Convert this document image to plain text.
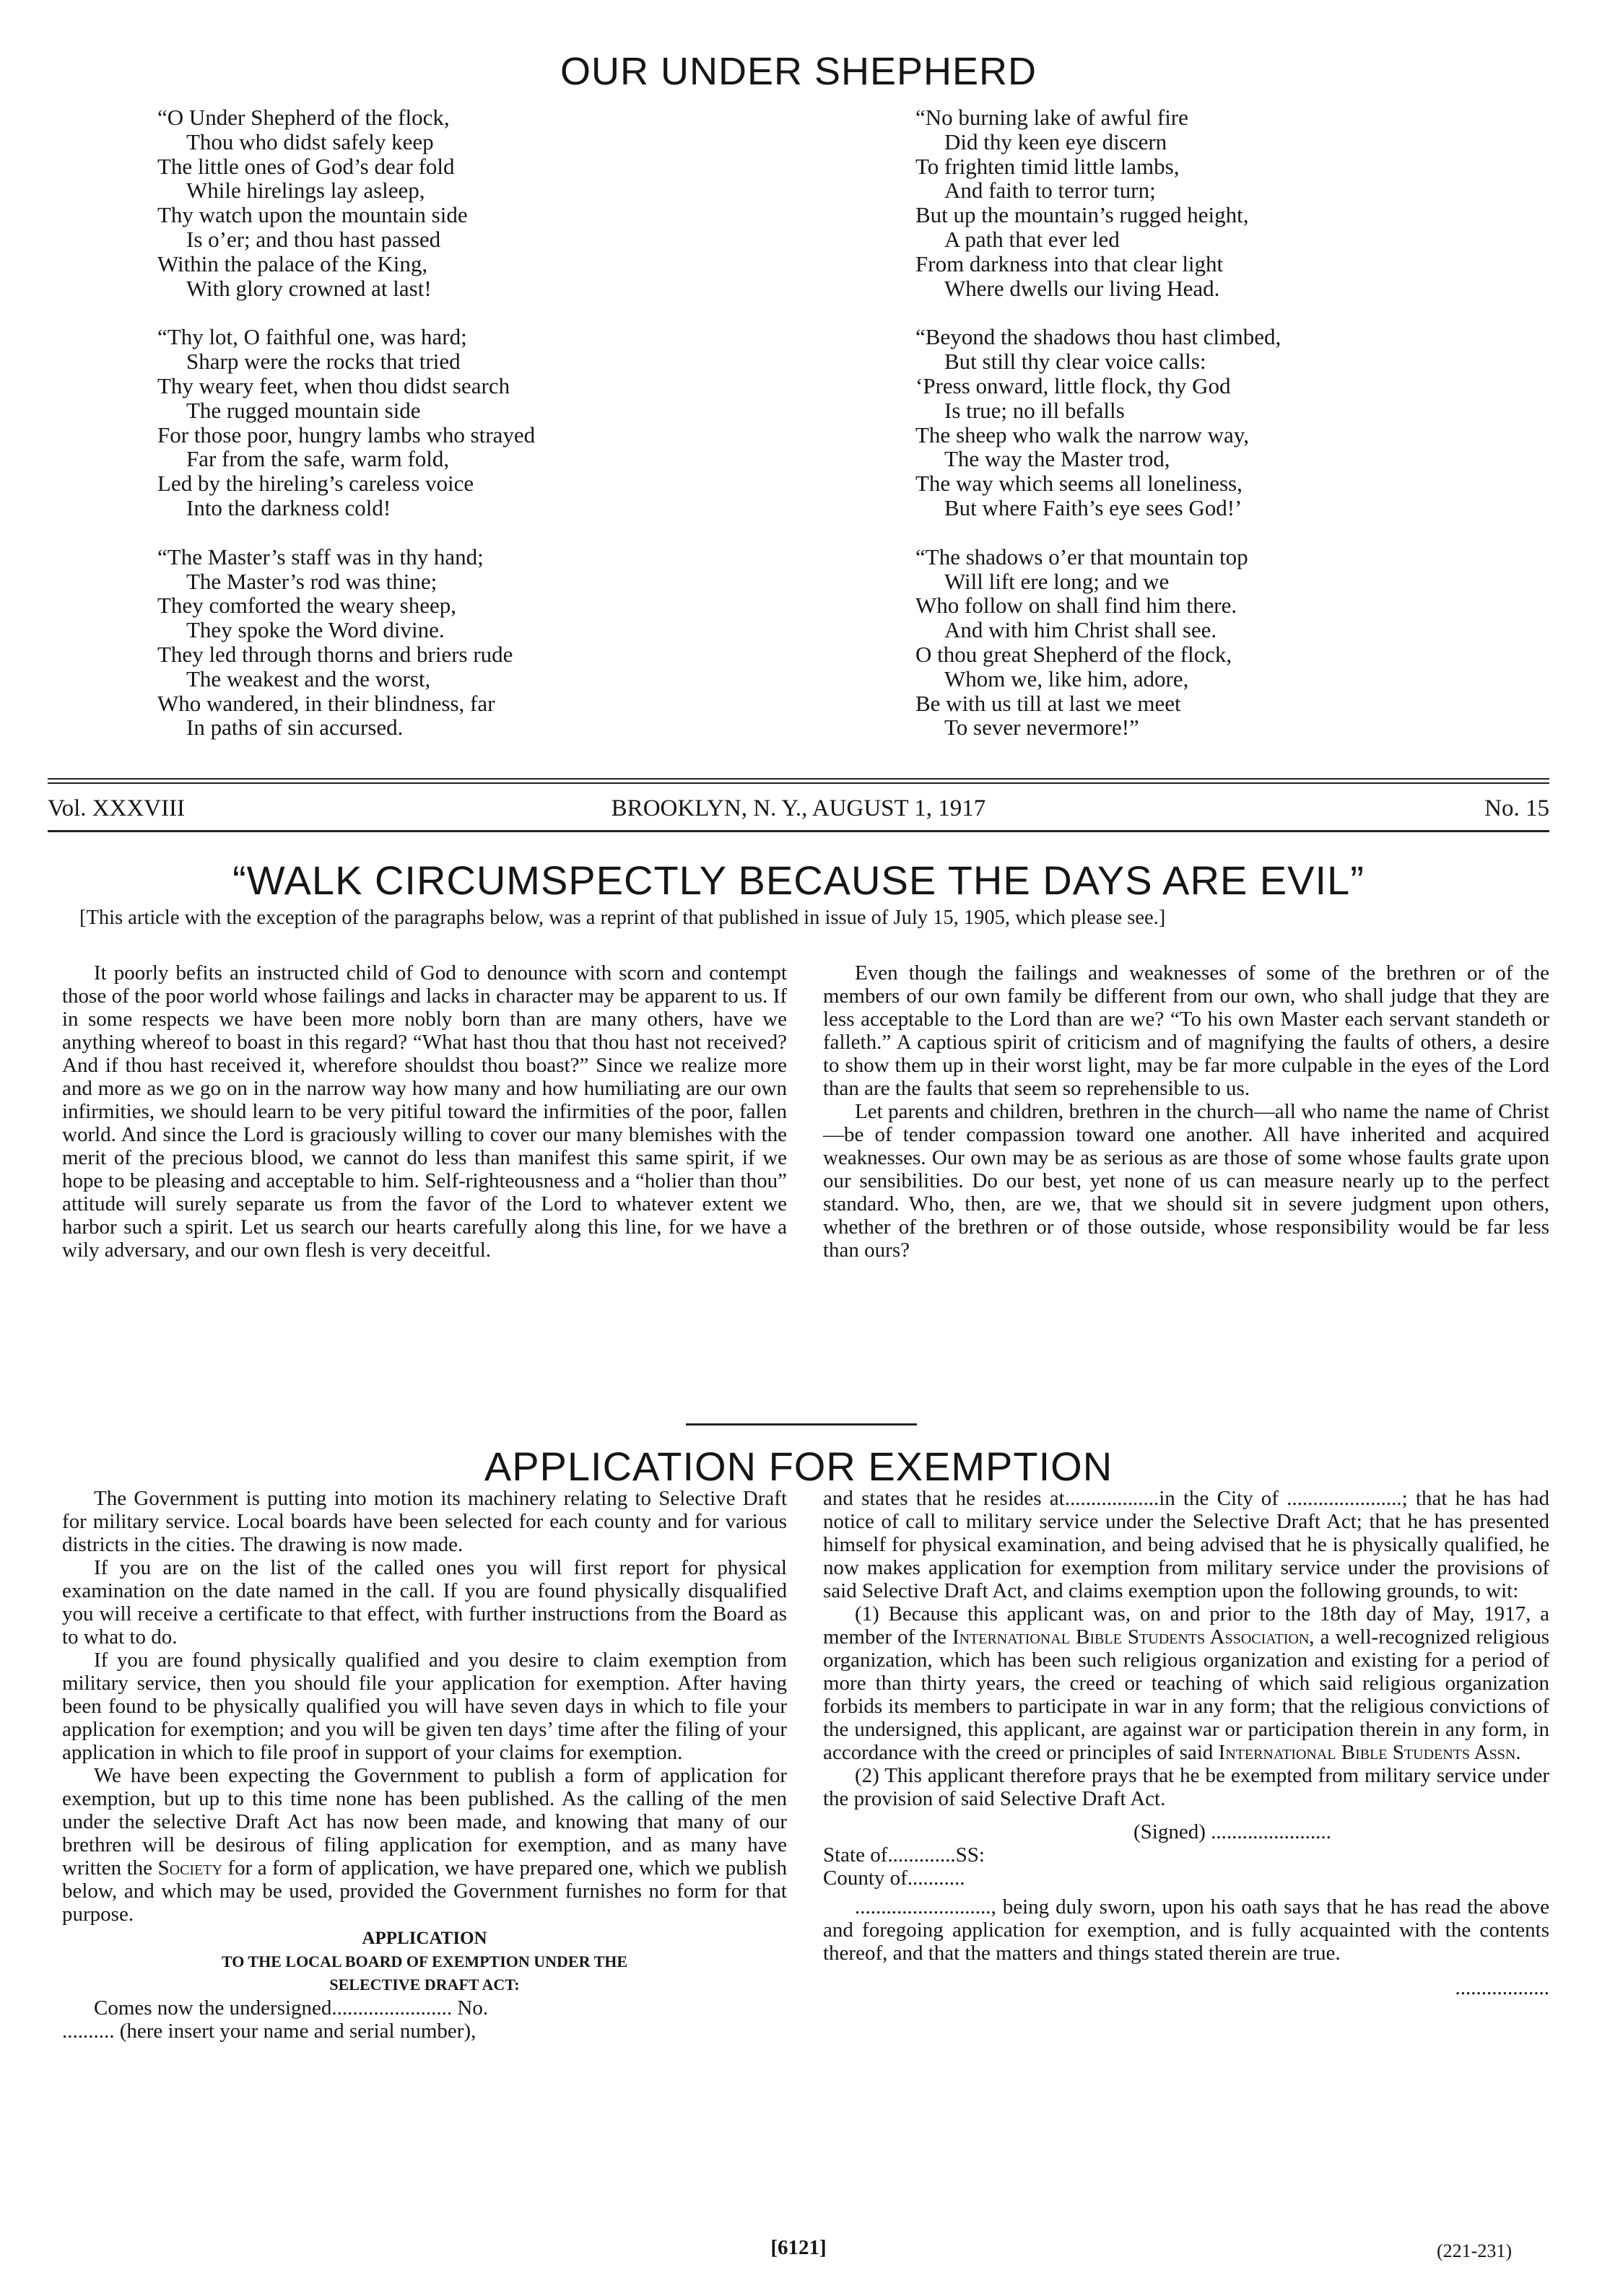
OUR UNDER SHEPHERD
“O Under Shepherd of the flock,
Thou who didst safely keep
The little ones of God’s dear fold
While hirelings lay asleep,
Thy watch upon the mountain side
Is o’er; and thou hast passed
Within the palace of the King,
With glory crowned at last!
“Thy lot, O faithful one, was hard;
Sharp were the rocks that tried
Thy weary feet, when thou didst search
The rugged mountain side
For those poor, hungry lambs who strayed
Far from the safe, warm fold,
Led by the hireling’s careless voice
Into the darkness cold!
“The Master’s staff was in thy hand;
The Master’s rod was thine;
They comforted the weary sheep,
They spoke the Word divine.
They led through thorns and briers rude
The weakest and the worst,
Who wandered, in their blindness, far
In paths of sin accursed.
“No burning lake of awful fire
Did thy keen eye discern
To frighten timid little lambs,
And faith to terror turn;
But up the mountain’s rugged height,
A path that ever led
From darkness into that clear light
Where dwells our living Head.
“Beyond the shadows thou hast climbed,
But still thy clear voice calls:
‘Press onward, little flock, thy God
Is true; no ill befalls
The sheep who walk the narrow way,
The way the Master trod,
The way which seems all loneliness,
But where Faith’s eye sees God!’
“The shadows o’er that mountain top
Will lift ere long; and we
Who follow on shall find him there.
And with him Christ shall see.
O thou great Shepherd of the flock,
Whom we, like him, adore,
Be with us till at last we meet
To sever nevermore!”
Vol. XXXVIII	BROOKLYN, N. Y., AUGUST 1, 1917	No. 15
“WALK CIRCUMSPECTLY BECAUSE THE DAYS ARE EVIL”
[This article with the exception of the paragraphs below, was a reprint of that published in issue of July 15, 1905, which please see.]

It poorly befits an instructed child of God to denounce with scorn and contempt those of the poor world whose failings and lacks in character may be apparent to us. If in some respects we have been more nobly born than are many others, have we anything whereof to boast in this regard? “What hast thou that thou hast not received? And if thou hast received it, wherefore shouldst thou boast?” Since we realize more and more as we go on in the narrow way how many and how humiliating are our own infirmities, we should learn to be very pitiful toward the infirmities of the poor, fallen world. And since the Lord is graciously willing to cover our many blemishes with the merit of the precious blood, we cannot do less than manifest this same spirit, if we hope to be pleasing and acceptable to him. Self-righteousness and a “holier than thou” attitude will surely separate us from the favor of the Lord to whatever extent we harbor such a spirit. Let us search our hearts carefully along this line, for we have a wily adversary, and our own flesh is very deceitful.

Even though the failings and weaknesses of some of the brethren or of the members of our own family be different from our own, who shall judge that they are less acceptable to the Lord than are we? “To his own Master each servant standeth or falleth.” A captious spirit of criticism and of magnifying the faults of others, a desire to show them up in their worst light, may be far more culpable in the eyes of the Lord than are the faults that seem so reprehensible to us.

Let parents and children, brethren in the church—all who name the name of Christ—be of tender compassion toward one another. All have inherited and acquired weaknesses. Our own may be as serious as are those of some whose faults grate upon our sensibilities. Do our best, yet none of us can measure nearly up to the perfect standard. Who, then, are we, that we should sit in severe judgment upon others, whether of the brethren or of those outside, whose responsibility would be far less than ours?

APPLICATION FOR EXEMPTION

The Government is putting into motion its machinery relating to Selective Draft for military service. Local boards have been selected for each county and for various districts in the cities. The drawing is now made.

If you are on the list of the called ones you will first report for physical examination on the date named in the call. If you are found physically disqualified you will receive a certificate to that effect, with further instructions from the Board as to what to do.

If you are found physically qualified and you desire to claim exemption from military service, then you should file your application for exemption. After having been found to be physically qualified you will have seven days in which to file your application for exemption; and you will be given ten days’ time after the filing of your application in which to file proof in support of your claims for exemption.

We have been expecting the Government to publish a form of application for exemption, but up to this time none has been published. As the calling of the men under the selective Draft Act has now been made, and knowing that many of our brethren will be desirous of filing application for exemption, and as many have written the Society for a form of application, we have prepared one, which we publish below, and which may be used, provided the Government furnishes no form for that purpose.

APPLICATION
TO THE LOCAL BOARD OF EXEMPTION UNDER THE
SELECTIVE DRAFT ACT:

Comes now the undersigned....................... No.

.......... (here insert your name and serial number),

and states that he resides at..................in the City of ......................; that he has had notice of call to military service under the Selective Draft Act; that he has presented himself for physical examination, and being advised that he is physically qualified, he now makes application for exemption from military service under the provisions of said Selective Draft Act, and claims exemption upon the following grounds, to wit:

(1) Because this applicant was, on and prior to the 18th day of May, 1917, a member of the International Bible Students Association, a well-recognized religious organization, which has been such religious organization and existing for a period of more than thirty years, the creed or teaching of which said religious organization forbids its members to participate in war in any form; that the religious convictions of the undersigned, this applicant, are against war or participation therein in any form, in accordance with the creed or principles of said International Bible Students Assn.

(2) This applicant therefore prays that he be exempted from military service under the provision of said Selective Draft Act.

(Signed) .......................
State of.............SS:
County of...........

.........................., being duly sworn, upon his oath says that he has read the above and foregoing application for exemption, and is fully acquainted with the contents thereof, and that the matters and things stated therein are true.

..................
[6121]	(221-231)
